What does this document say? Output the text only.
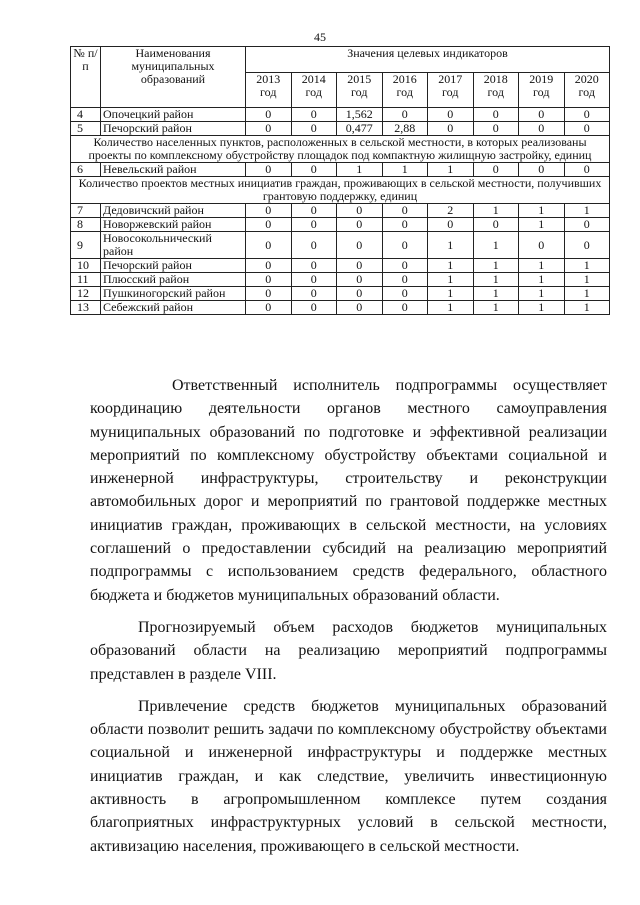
45
№ п/п	Наименования муниципальных образований	Значения целевых индикаторов							
		2013 год	2014 год	2015 год	2016 год	2017 год	2018 год	2019 год	2020 год
4	Опочецкий район	0	0	1,562	0	0	0	0	0
5	Печорский район	0	0	0,477	2,88	0	0	0	0
Количество населенных пунктов, расположенных в сельской местности, в которых реализованы проекты по комплексному обустройству площадок под компактную жилищную застройку, единиц									
6	Невельский район	0	0	1	1	1	0	0	0
Количество проектов местных инициатив граждан, проживающих в сельской местности, получивших грантовую поддержку, единиц									
7	Дедовичский район	0	0	0	0	2	1	1	1
8	Новоржевский район	0	0	0	0	0	0	1	0
9	Новосокольнический район	0	0	0	0	1	1	0	0
10	Печорский район	0	0	0	0	1	1	1	1
11	Плюсский район	0	0	0	0	1	1	1	1
12	Пушкиногорский район	0	0	0	0	1	1	1	1
13	Себежский район	0	0	0	0	1	1	1	1

Ответственный исполнитель подпрограммы осуществляет координацию деятельности органов местного самоуправления муниципальных образований по подготовке и эффективной реализации мероприятий по комплексному обустройству объектами социальной и инженерной инфраструктуры, строительству и реконструкции автомобильных дорог и мероприятий по грантовой поддержке местных инициатив граждан, проживающих в сельской местности, на условиях соглашений о предоставлении субсидий на реализацию мероприятий подпрограммы с использованием средств федерального, областного бюджета и бюджетов муниципальных образований области.

Прогнозируемый объем расходов бюджетов муниципальных образований области на реализацию мероприятий подпрограммы представлен в разделе VIII.

Привлечение средств бюджетов муниципальных образований области позволит решить задачи по комплексному обустройству объектами социальной и инженерной инфраструктуры и поддержке местных инициатив граждан, и как следствие, увеличить инвестиционную активность в агропромышленном комплексе путем создания благоприятных инфраструктурных условий в сельской местности, активизацию населения, проживающего в сельской местности.
